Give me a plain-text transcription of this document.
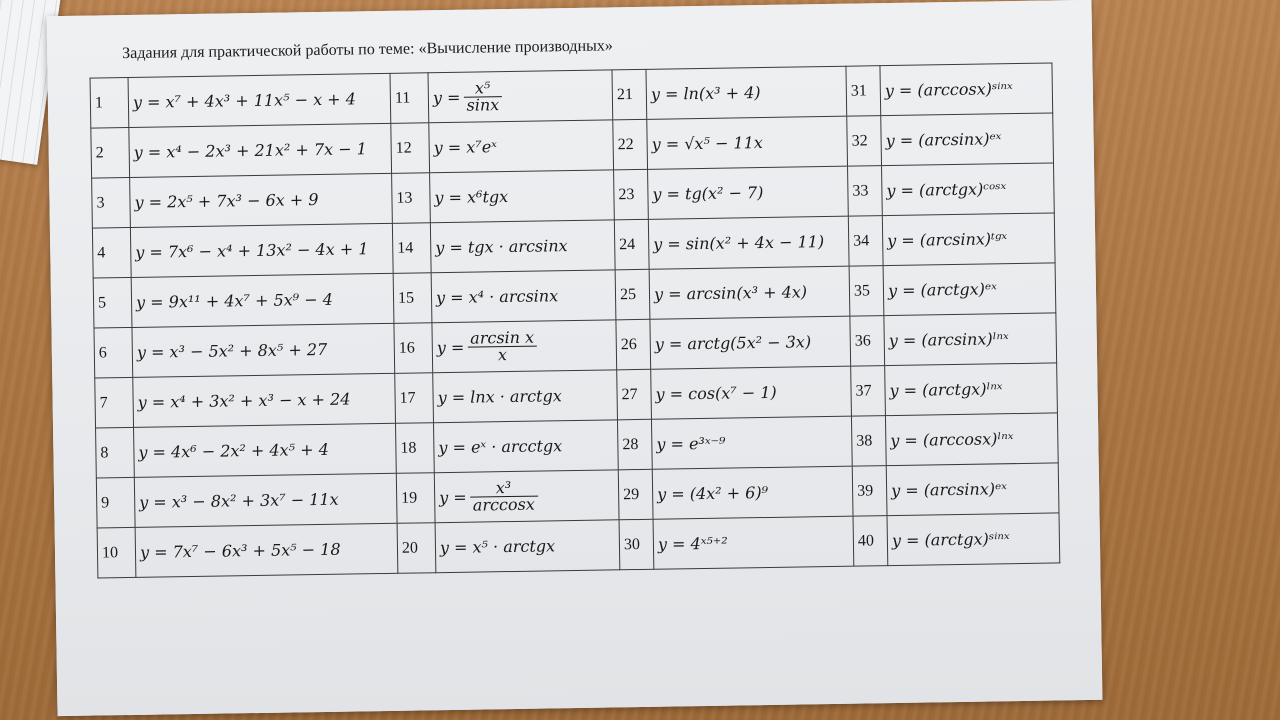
Задания для практической работы по теме: «Вычисление производных»
1	y = x⁷ + 4x³ + 11x⁵ − x + 4	11	$y = \frac{\text{x⁵}}{\sin x}$	21	y = ln(x³ + 4)	31	y = (arccosx)ˢⁱⁿˣ
2	y = x⁴ − 2x³ + 21x² + 7x − 1	12	y = x⁷eˣ	22	y = √x⁵ − 11x	32	y = (arcsinx)ᵉˣ
3	y = 2x⁵ + 7x³ − 6x + 9	13	y = x⁶tgx	23	y = tg(x² − 7)	33	y = (arctgx)ᶜᵒˢˣ
4	y = 7x⁶ − x⁴ + 13x² − 4x + 1	14	y = tgx · arcsinx	24	y = sin(x² + 4x − 11)	34	y = (arcsinx)ᵗᵍˣ
5	y = 9x¹¹ + 4x⁷ + 5x⁹ − 4	15	y = x⁴ · arcsinx	25	y = arcsin(x³ + 4x)	35	y = (arctgx)ᵉˣ
6	y = x³ − 5x² + 8x⁵ + 27	16	$y = \frac{\text{arcsin x}}{x}$	26	y = arctg(5x² − 3x)	36	y = (arcsinx)ˡⁿˣ
7	y = x⁴ + 3x² + x³ − x + 24	17	y = lnx · arctgx	27	y = cos(x⁷ − 1)	37	y = (arctgx)ˡⁿˣ
8	y = 4x⁶ − 2x² + 4x⁵ + 4	18	y = eˣ · arcctgx	28	y = e³ˣ⁻⁹	38	y = (arccosx)ˡⁿˣ
9	y = x³ − 8x² + 3x⁷ − 11x	19	$y = \frac{\text{x³}}{\arccos x}$	29	y = (4x² + 6)⁹	39	y = (arcsinx)ᵉˣ
10	y = 7x⁷ − 6x³ + 5x⁵ − 18	20	y = x⁵ · arctgx	30	y = 4ˣ⁵⁺²	40	y = (arctgx)ˢⁱⁿˣ
